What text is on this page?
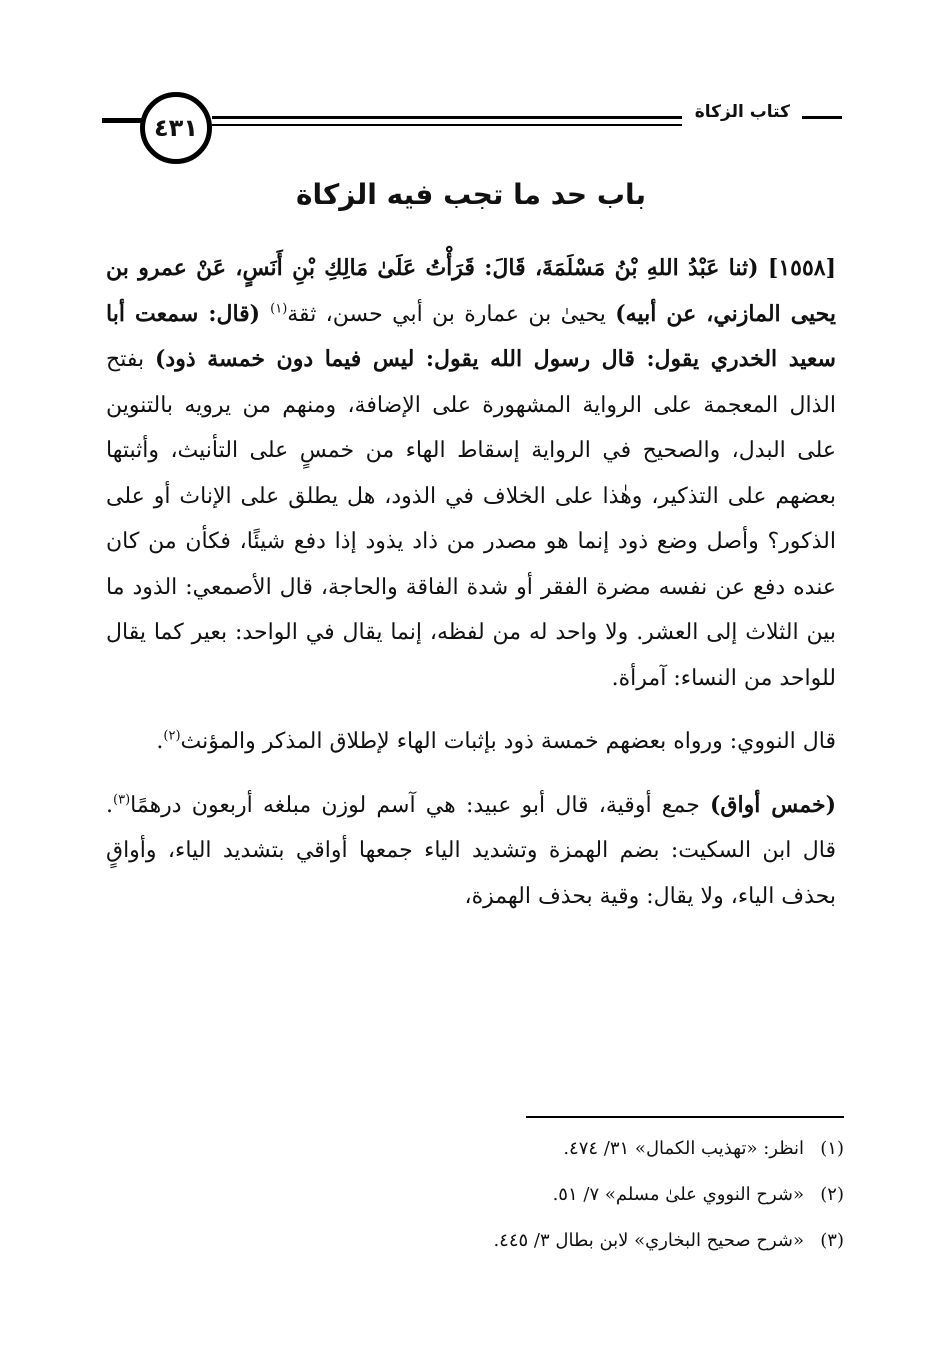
كتاب الزكاة
٤٣١
باب حد ما تجب فيه الزكاة

[١٥٥٨] (ثنا عَبْدُ اللهِ بْنُ مَسْلَمَةَ، قَالَ: قَرَأْتُ عَلَىٰ مَالِكِ بْنِ أَنَسٍ، عَنْ عمرو بن يحيى المازني، عن أبيه) يحيىٰ بن عمارة بن أبي حسن، ثقة$^{(١)}$ (قال: سمعت أبا سعيد الخدري يقول: قال رسول الله يقول: ليس فيما دون خمسة ذود) بفتح الذال المعجمة على الرواية المشهورة على الإضافة، ومنهم من يرويه بالتنوين على البدل، والصحيح في الرواية إسقاط الهاء من خمسٍ على التأنيث، وأثبتها بعضهم على التذكير، وهٰذا على الخلاف في الذود، هل يطلق على الإناث أو على الذكور؟ وأصل وضع ذود إنما هو مصدر من ذاد يذود إذا دفع شيئًا، فكأن من كان عنده دفع عن نفسه مضرة الفقر أو شدة الفاقة والحاجة، قال الأصمعي: الذود ما بين الثلاث إلى العشر. ولا واحد له من لفظه، إنما يقال في الواحد: بعير كما يقال للواحد من النساء: آمرأة.

قال النووي: ورواه بعضهم خمسة ذود بإثبات الهاء لإطلاق المذكر والمؤنث$^{(٢)}$.

(خمس أواق) جمع أوقية، قال أبو عبيد: هي آسم لوزن مبلغه أربعون درهمًا$^{(٣)}$. قال ابن السكيت: بضم الهمزة وتشديد الياء جمعها أواقي بتشديد الياء، وأواقٍ بحذف الياء، ولا يقال: وقية بحذف الهمزة،

(١)انظر: «تهذيب الكمال» ٣١/ ٤٧٤.
(٢)«شرح النووي علىٰ مسلم» ٧/ ٥١.
(٣)«شرح صحيح البخاري» لابن بطال ٣/ ٤٤٥.
